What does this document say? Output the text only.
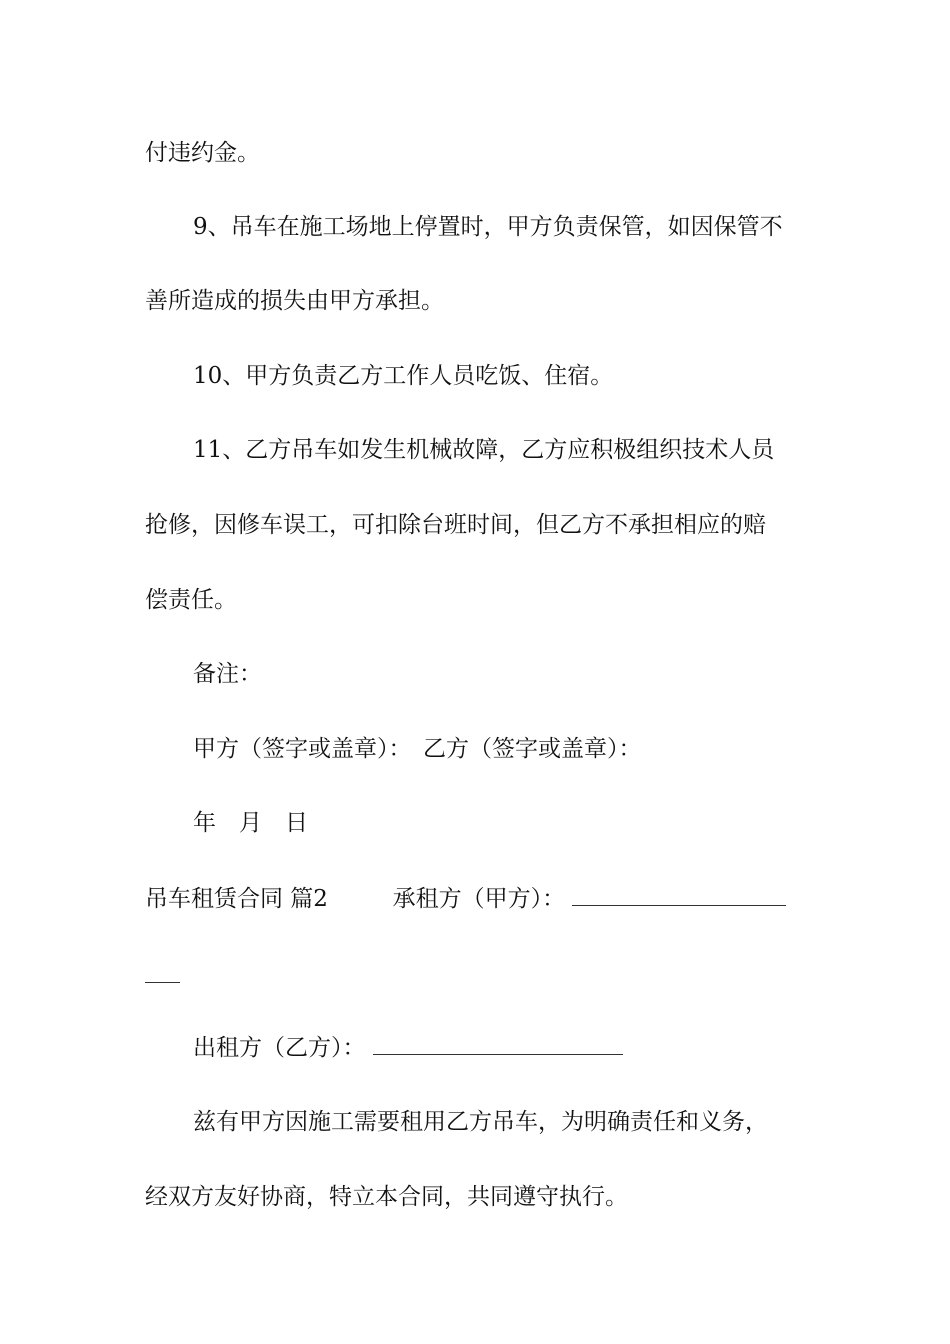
付违约金。
9、吊车在施工场地上停置时，甲方负责保管，如因保管不
善所造成的损失由甲方承担。
10、甲方负责乙方工作人员吃饭、住宿。
11、乙方吊车如发生机械故障，乙方应积极组织技术人员
抢修，因修车误工，可扣除台班时间，但乙方不承担相应的赔
偿责任。
备注：
甲方（签字或盖章）：　乙方（签字或盖章）：
年　月　日
吊车租赁合同 篇2	承租方（甲方）：
出租方（乙方）：
兹有甲方因施工需要租用乙方吊车，为明确责任和义务，
经双方友好协商，特立本合同，共同遵守执行。
